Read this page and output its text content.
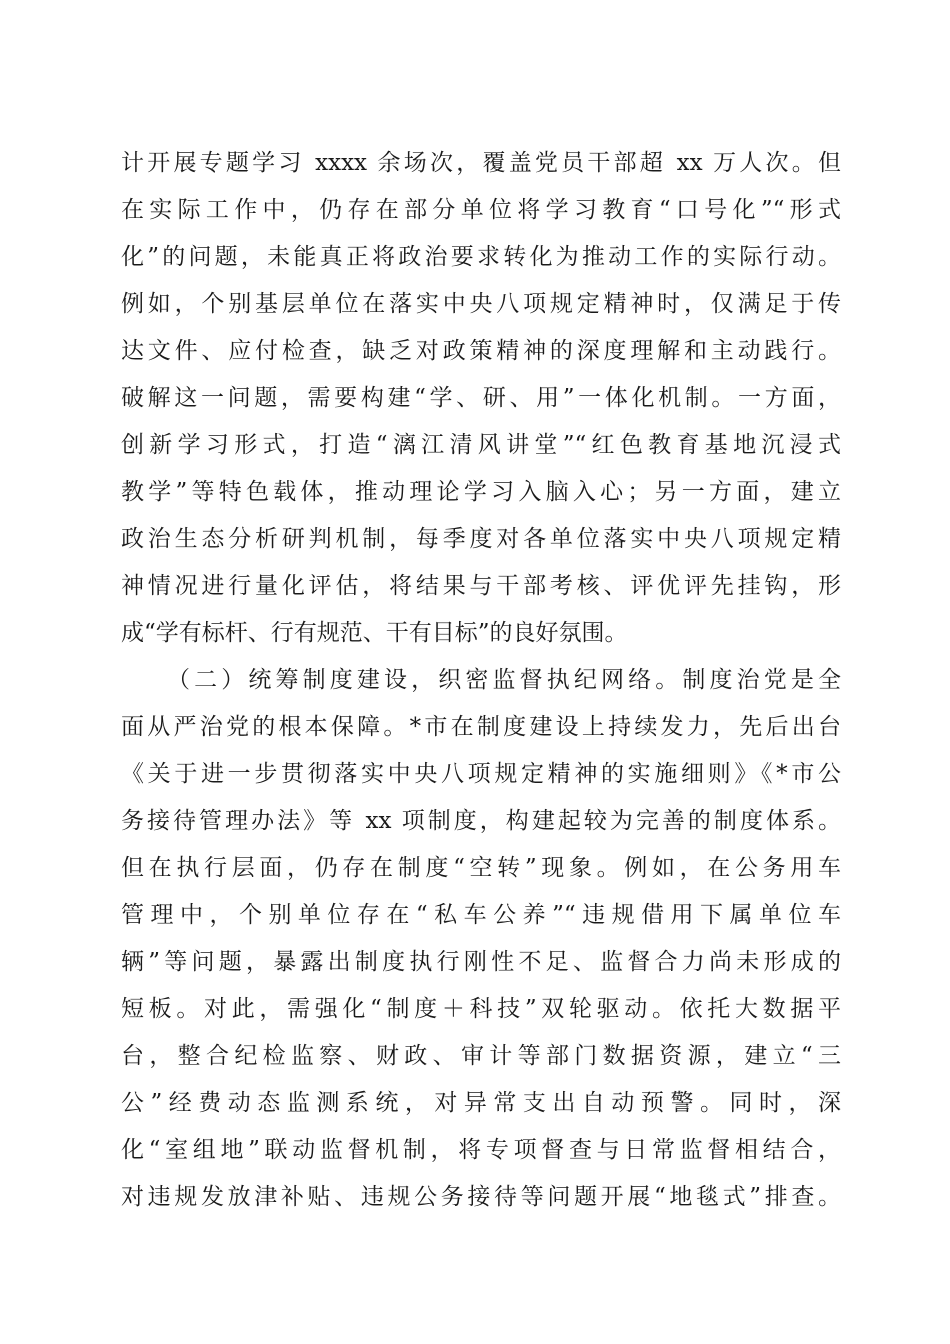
计开展专题学习 xxxx 余场次，覆盖党员干部超 xx 万人次。但
在实际工作中，仍存在部分单位将学习教育“口号化”“形式
化”的问题，未能真正将政治要求转化为推动工作的实际行动。
例如，个别基层单位在落实中央八项规定精神时，仅满足于传
达文件、应付检查，缺乏对政策精神的深度理解和主动践行。
破解这一问题，需要构建“学、研、用”一体化机制。一方面，
创新学习形式，打造“漓江清风讲堂”“红色教育基地沉浸式
教学”等特色载体，推动理论学习入脑入心；另一方面，建立
政治生态分析研判机制，每季度对各单位落实中央八项规定精
神情况进行量化评估，将结果与干部考核、评优评先挂钩，形
成“学有标杆、行有规范、干有目标”的良好氛围。
（二）统筹制度建设，织密监督执纪网络。制度治党是全
面从严治党的根本保障。*市在制度建设上持续发力，先后出台
《关于进一步贯彻落实中央八项规定精神的实施细则》《*市公
务接待管理办法》等 xx 项制度，构建起较为完善的制度体系。
但在执行层面，仍存在制度“空转”现象。例如，在公务用车
管理中，个别单位存在“私车公养”“违规借用下属单位车
辆”等问题，暴露出制度执行刚性不足、监督合力尚未形成的
短板。对此，需强化“制度＋科技”双轮驱动。依托大数据平
台，整合纪检监察、财政、审计等部门数据资源，建立“三
公”经费动态监测系统，对异常支出自动预警。同时，深
化“室组地”联动监督机制，将专项督查与日常监督相结合，
对违规发放津补贴、违规公务接待等问题开展“地毯式”排查。
